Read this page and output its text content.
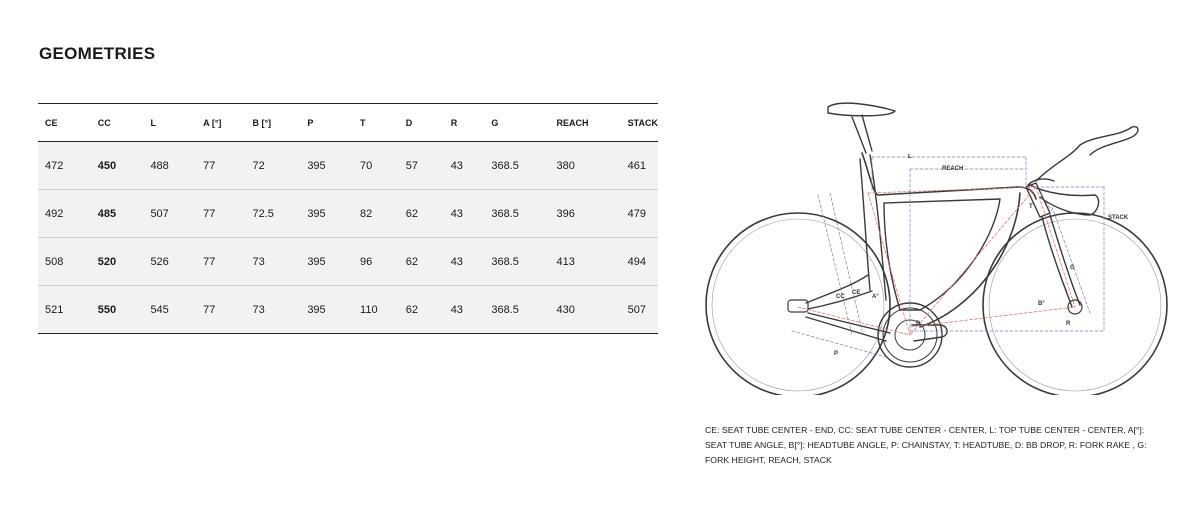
GEOMETRIES
CE	CC	L	A [°]	B [°]	P	T	D	R	G	REACH	STACK
472	450	488	77	72	395	70	57	43	368.5	380	461
492	485	507	77	72.5	395	82	62	43	368.5	396	479
508	520	526	77	73	395	96	62	43	368.5	413	494
521	550	545	77	73	395	110	62	43	368.5	430	507
L
REACH
STACK
T
G
CC
CE
A°
B°
D	R
P

CE: SEAT TUBE CENTER - END, CC: SEAT TUBE CENTER - CENTER, L: TOP TUBE CENTER - CENTER, A[°]: SEAT TUBE ANGLE, B[°]: HEADTUBE ANGLE, P: CHAINSTAY, T: HEADTUBE, D: BB DROP, R: FORK RAKE , G: FORK HEIGHT, REACH, STACK
